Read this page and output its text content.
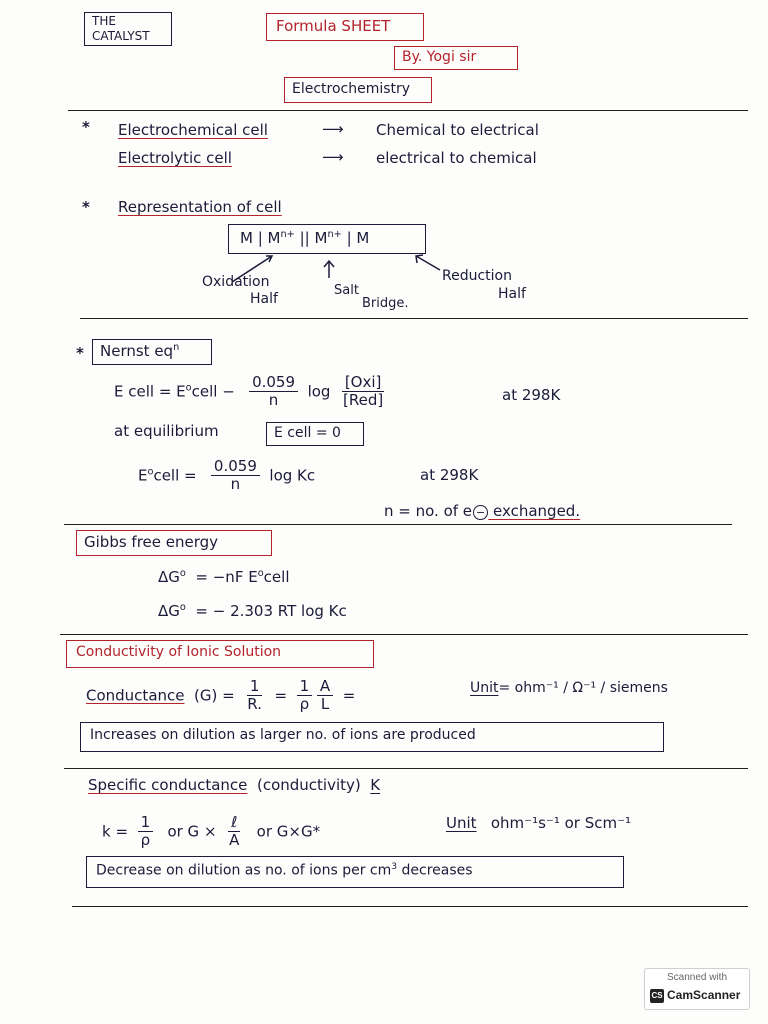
THE
CATALYST
Formula SHEET
By. Yogi sir
Electrochemistry
* Electrochemical cell	⟶ Chemical to electrical
Electrolytic cell	⟶ electrical to chemical
* Representation of cell
M | $M^{n+}$ || $M^{n+}$ | M
Oxidation
Half
Salt
Bridge.
Reduction
Half
* Nernst $eq^n$
E cell = $E^ocell - \frac{0.059}{n}$ $\log \frac{\text{[Oxi]}}{\text{[Red]}}$	at 298K
at equilibrium	E cell = 0
$E^ocell = \frac{0.059}{n}$ log Kc	at 298K
n = no. of e − exchanged.
Gibbs free energy
$\Delta G^o = -nF$ $E^ocell$
$\Delta G^o$ = − 2.303 RT log Kc
Conductivity of Ionic Solution
Conductance $(G) = \frac{1}{R.} = \frac{1}{\rho}$
$\frac{A}{L}$ =	Unit= ohm⁻¹ / Ω⁻¹ / siemens
Increases on dilution as larger no. of ions are produced
Specific conductance (conductivity) K
$k = \frac{1}{\rho}$ or $G \times \frac{\text{ℓ}}{A}$ or G×G*	Unit ohm⁻¹s⁻¹ or Scm⁻¹
Decrease on dilution as no. of ions per $cm^3$ decreases
Scanned with
CS CamScanner
